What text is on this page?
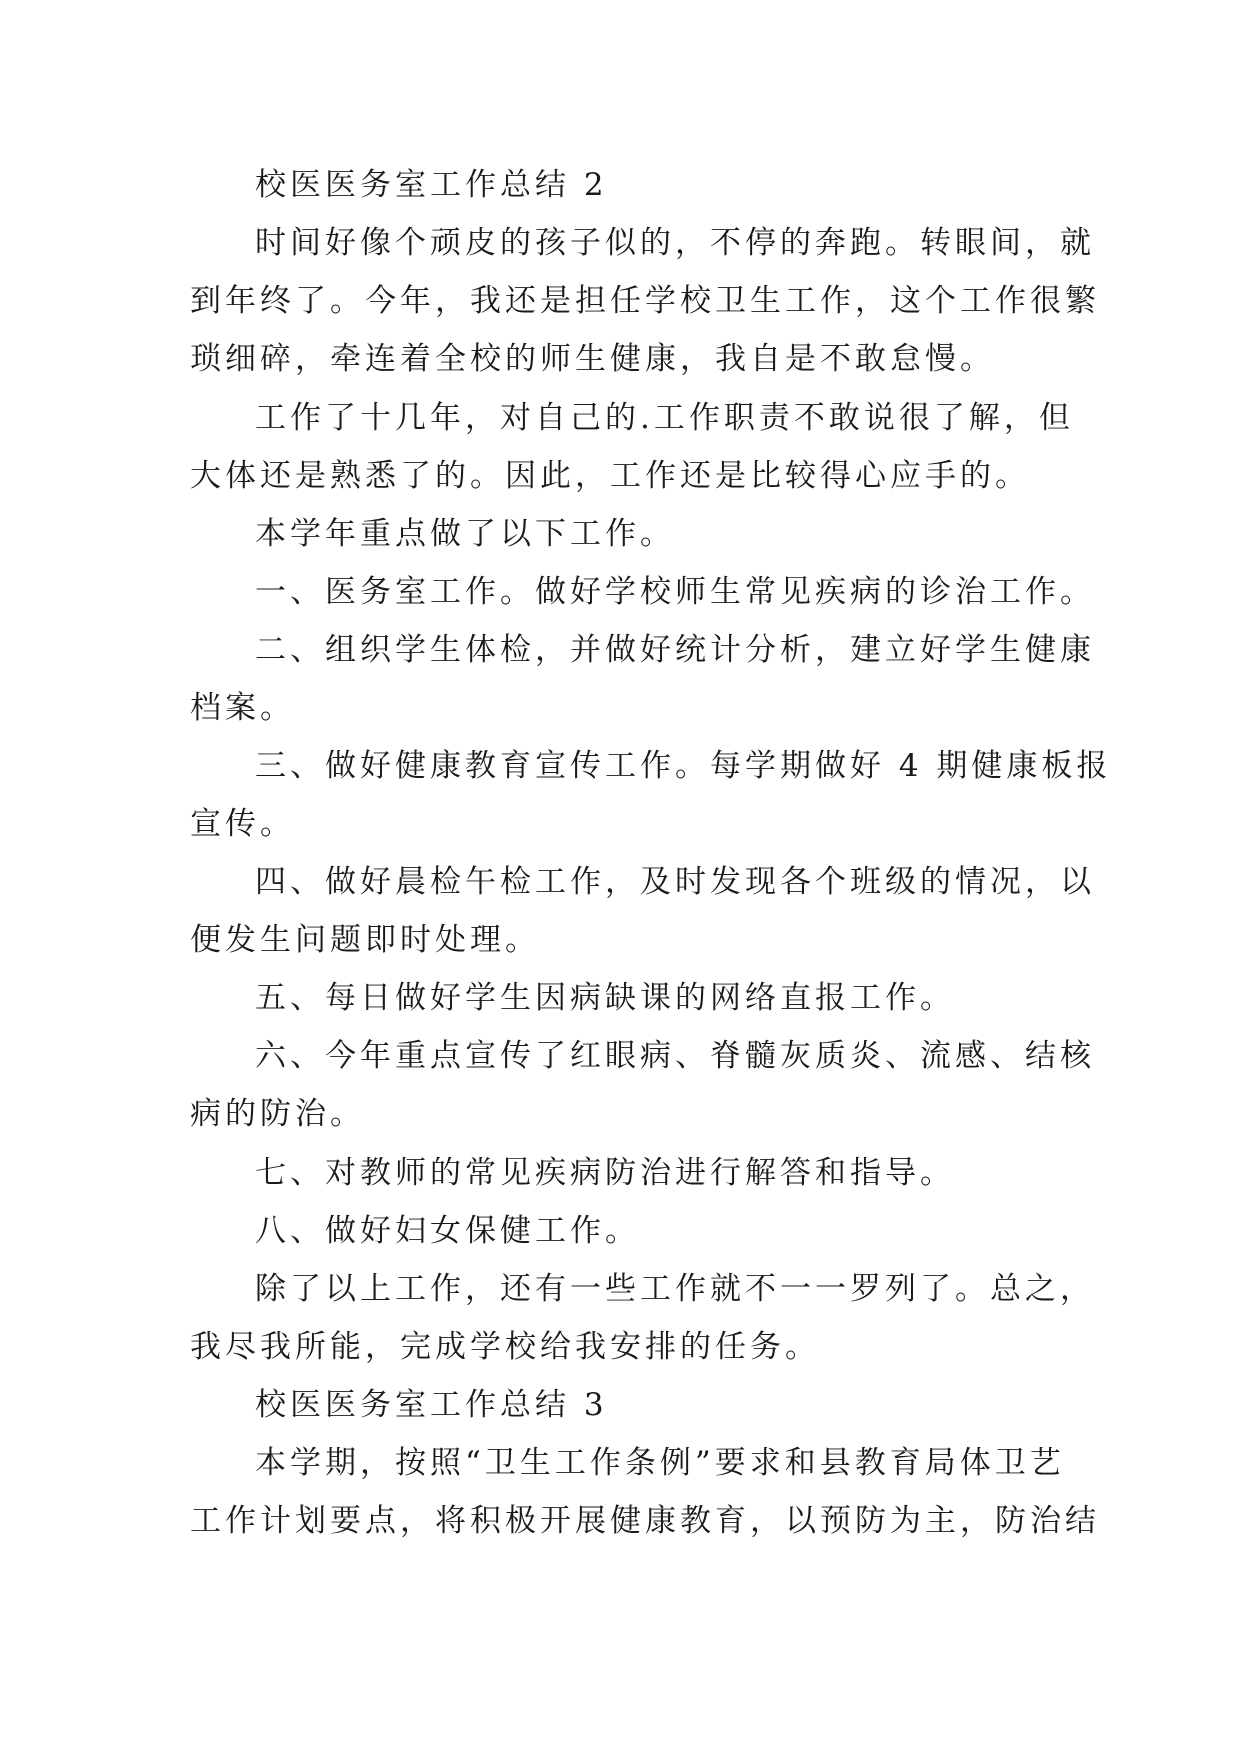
校医医务室工作总结 2
时间好像个顽皮的孩子似的，不停的奔跑。转眼间，就
到年终了。今年，我还是担任学校卫生工作，这个工作很繁
琐细碎，牵连着全校的师生健康，我自是不敢怠慢。
工作了十几年，对自己的.工作职责不敢说很了解，但
大体还是熟悉了的。因此，工作还是比较得心应手的。
本学年重点做了以下工作。
一、医务室工作。做好学校师生常见疾病的诊治工作。
二、组织学生体检，并做好统计分析，建立好学生健康
档案。
三、做好健康教育宣传工作。每学期做好 4 期健康板报
宣传。
四、做好晨检午检工作，及时发现各个班级的情况，以
便发生问题即时处理。
五、每日做好学生因病缺课的网络直报工作。
六、今年重点宣传了红眼病、脊髓灰质炎、流感、结核
病的防治。
七、对教师的常见疾病防治进行解答和指导。
八、做好妇女保健工作。
除了以上工作，还有一些工作就不一一罗列了。总之，
我尽我所能，完成学校给我安排的任务。
校医医务室工作总结 3
本学期，按照“卫生工作条例”要求和县教育局体卫艺
工作计划要点，将积极开展健康教育，以预防为主，防治结
